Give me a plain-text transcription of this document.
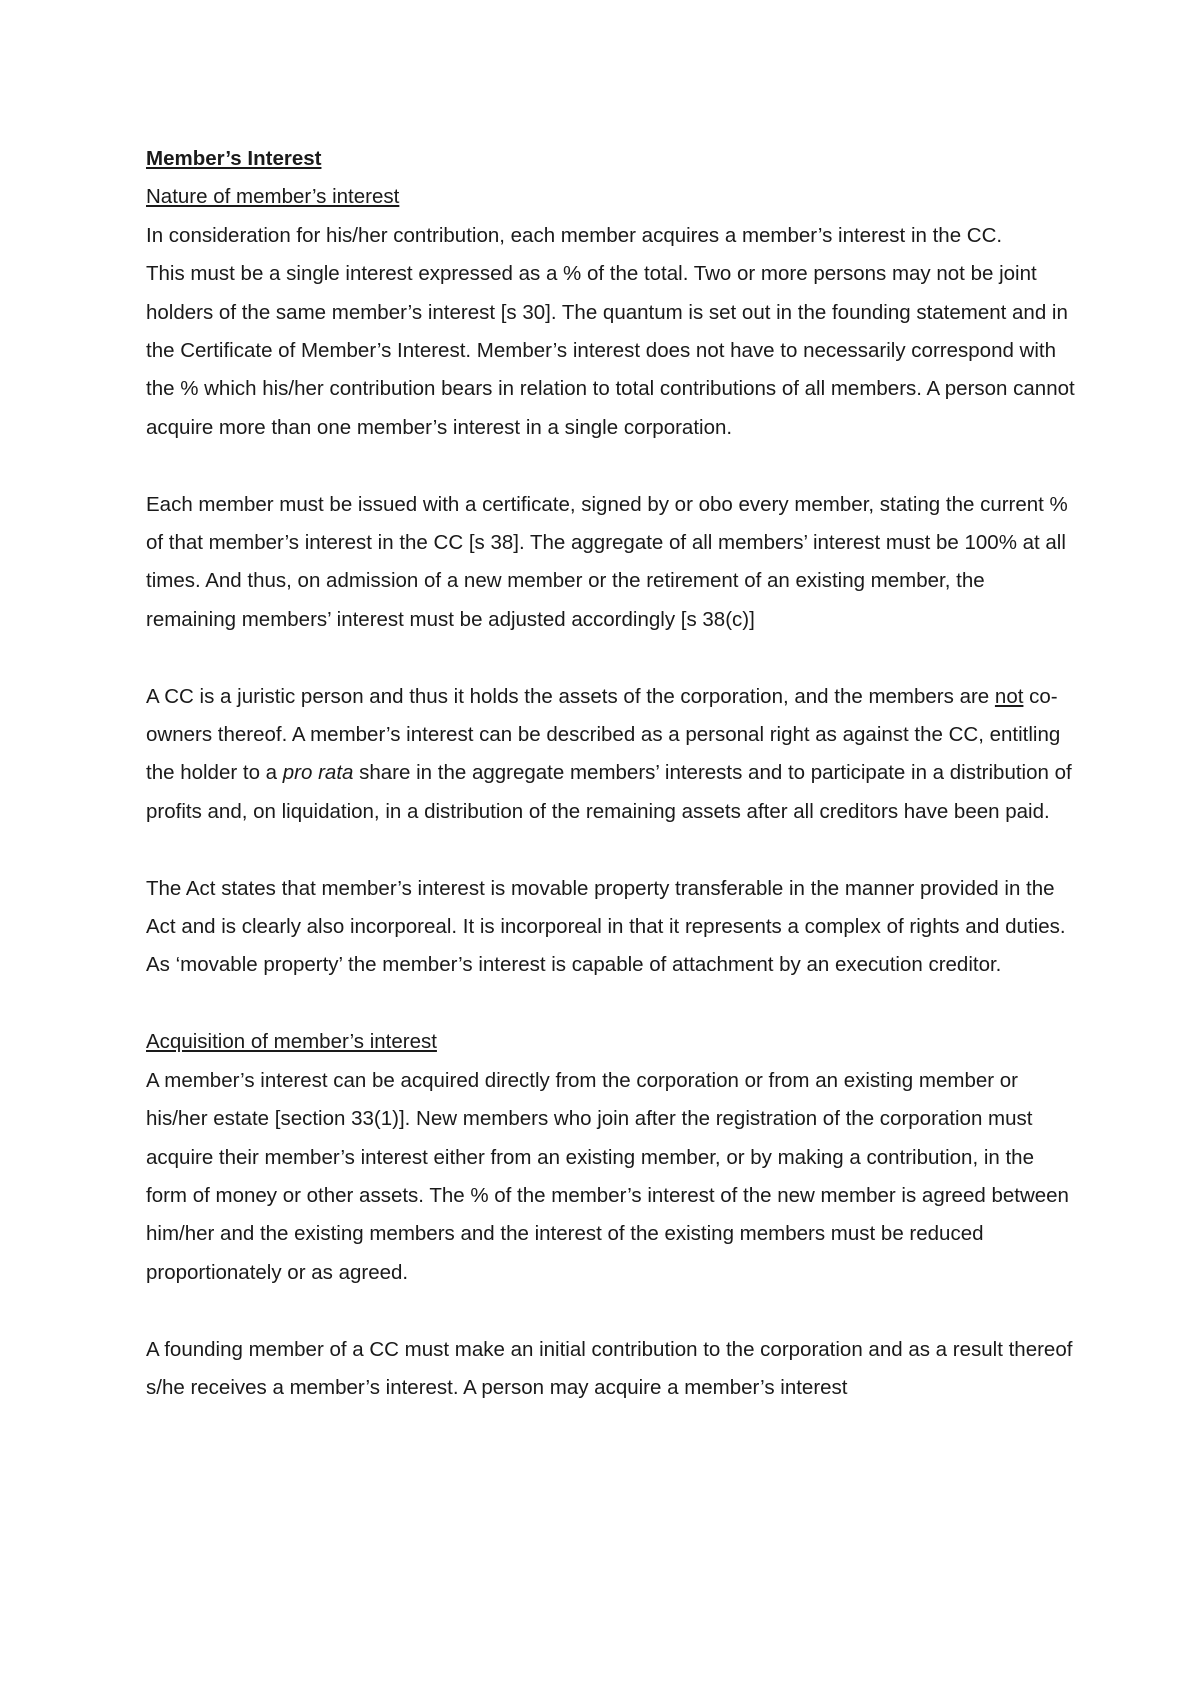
Member’s Interest

Nature of member’s interest

In consideration for his/her contribution, each member acquires a member’s interest in the CC.

This must be a single interest expressed as a % of the total. Two or more persons may not be joint holders of the same member’s interest [s 30]. The quantum is set out in the founding statement and in the Certificate of Member’s Interest. Member’s interest does not have to necessarily correspond with the % which his/her contribution bears in relation to total contributions of all members. A person cannot acquire more than one member’s interest in a single corporation.

Each member must be issued with a certificate, signed by or obo every member, stating the current % of that member’s interest in the CC [s 38]. The aggregate of all members’ interest must be 100% at all times. And thus, on admission of a new member or the retirement of an existing member, the remaining members’ interest must be adjusted accordingly [s 38(c)]

A CC is a juristic person and thus it holds the assets of the corporation, and the members are not co-owners thereof. A member’s interest can be described as a personal right as against the CC, entitling the holder to a pro rata share in the aggregate members’ interests and to participate in a distribution of profits and, on liquidation, in a distribution of the remaining assets after all creditors have been paid.

The Act states that member’s interest is movable property transferable in the manner provided in the Act and is clearly also incorporeal. It is incorporeal in that it represents a complex of rights and duties. As ‘movable property’ the member’s interest is capable of attachment by an execution creditor.

Acquisition of member’s interest

A member’s interest can be acquired directly from the corporation or from an existing member or his/her estate [section 33(1)]. New members who join after the registration of the corporation must acquire their member’s interest either from an existing member, or by making a contribution, in the form of money or other assets. The % of the member’s interest of the new member is agreed between him/her and the existing members and the interest of the existing members must be reduced proportionately or as agreed.

A founding member of a CC must make an initial contribution to the corporation and as a result thereof s/he receives a member’s interest. A person may acquire a member’s interest
